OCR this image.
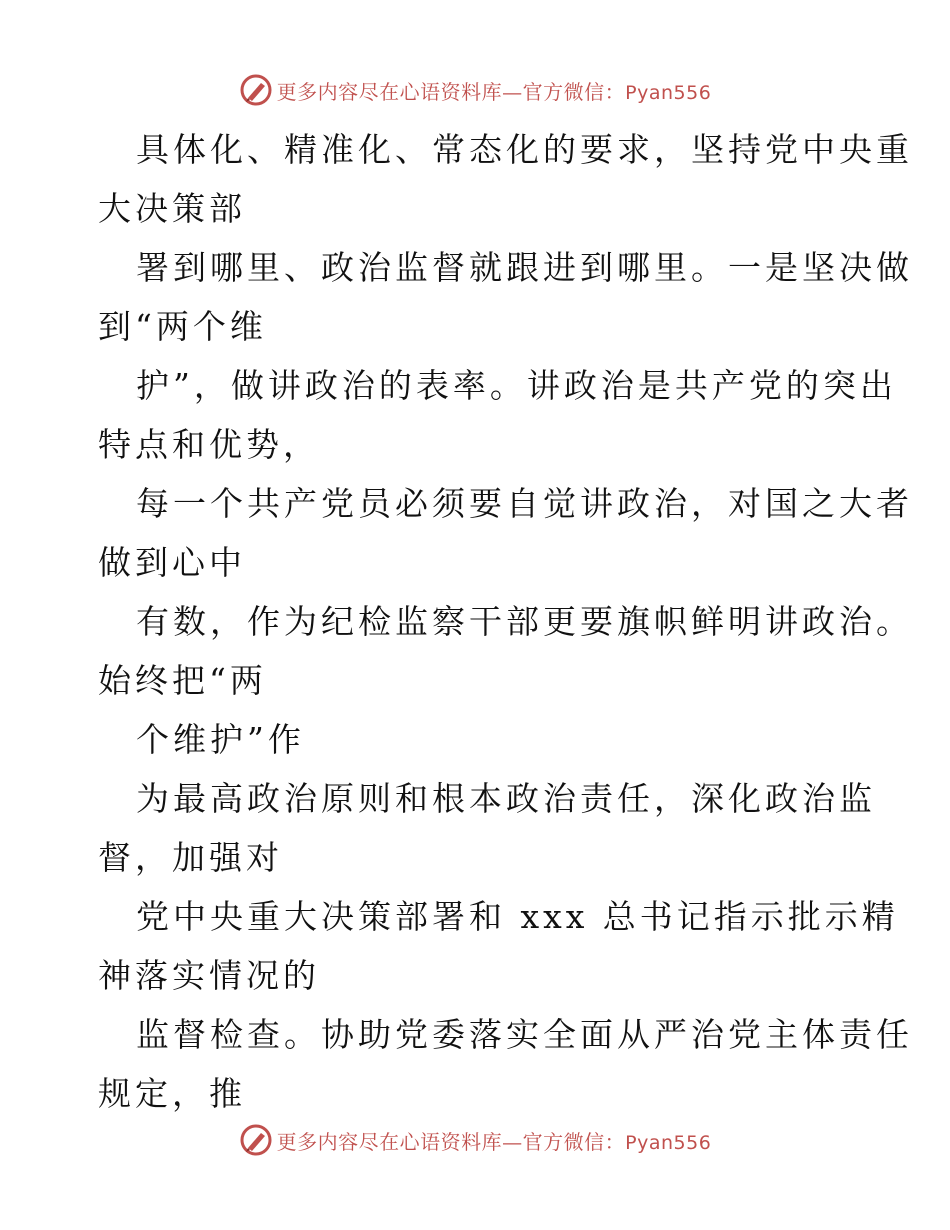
更多内容尽在心语资料库—官方微信：Pyan556
具体化、精准化、常态化的要求，坚持党中央重
大决策部
署到哪里、政治监督就跟进到哪里。一是坚决做
到“两个维
护”，做讲政治的表率。讲政治是共产党的突出
特点和优势，
每一个共产党员必须要自觉讲政治，对国之大者
做到心中
有数，作为纪检监察干部更要旗帜鲜明讲政治。
始终把“两
个维护”作
为最高政治原则和根本政治责任，深化政治监
督，加强对
党中央重大决策部署和 xxx 总书记指示批示精
神落实情况的
监督检查。协助党委落实全面从严治党主体责任
规定，推
更多内容尽在心语资料库—官方微信：Pyan556
